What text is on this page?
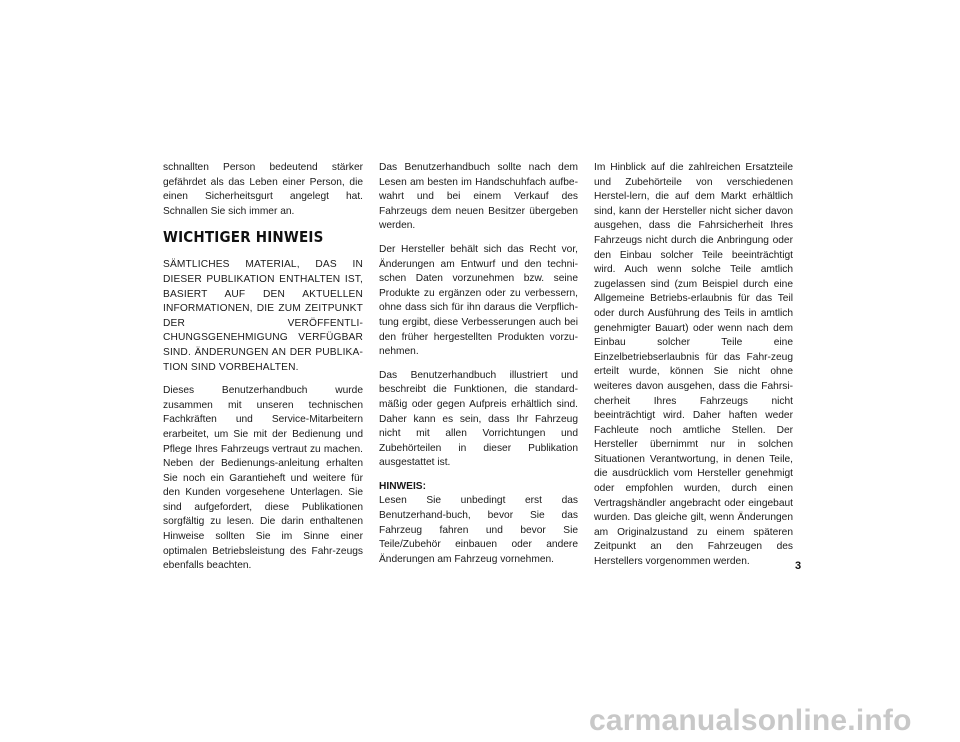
schnallten Person bedeutend stärker gefährdet als das Leben einer Person, die einen Sicherheitsgurt angelegt hat. Schnallen Sie sich immer an.

WICHTIGER HINWEIS

SÄMTLICHES MATERIAL, DAS IN DIESER PUBLIKATION ENTHALTEN IST, BASIERT AUF DEN AKTUELLEN INFORMATIONEN, DIE ZUM ZEITPUNKT DER VERÖFFENTLI-CHUNGSGENEHMIGUNG VERFÜGBAR SIND. ÄNDERUNGEN AN DER PUBLIKA-TION SIND VORBEHALTEN.

Dieses Benutzerhandbuch wurde zusammen mit unseren technischen Fachkräften und Service-Mitarbeitern erarbeitet, um Sie mit der Bedienung und Pflege Ihres Fahrzeugs vertraut zu machen. Neben der Bedienungs-anleitung erhalten Sie noch ein Garantieheft und weitere für den Kunden vorgesehene Unterlagen. Sie sind aufgefordert, diese Publikationen sorgfältig zu lesen. Die darin enthaltenen Hinweise sollten Sie im Sinne einer optimalen Betriebsleistung des Fahr-zeugs ebenfalls beachten.

Das Benutzerhandbuch sollte nach dem Lesen am besten im Handschuhfach aufbe-wahrt und bei einem Verkauf des Fahrzeugs dem neuen Besitzer übergeben werden.

Der Hersteller behält sich das Recht vor, Änderungen am Entwurf und den techni-schen Daten vorzunehmen bzw. seine Produkte zu ergänzen oder zu verbessern, ohne dass sich für ihn daraus die Verpflich-tung ergibt, diese Verbesserungen auch bei den früher hergestellten Produkten vorzu-nehmen.

Das Benutzerhandbuch illustriert und beschreibt die Funktionen, die standard-mäßig oder gegen Aufpreis erhältlich sind. Daher kann es sein, dass Ihr Fahrzeug nicht mit allen Vorrichtungen und Zubehörteilen in dieser Publikation ausgestattet ist.

HINWEIS:

Lesen Sie unbedingt erst das Benutzerhand-buch, bevor Sie das Fahrzeug fahren und bevor Sie Teile/Zubehör einbauen oder andere Änderungen am Fahrzeug vornehmen.

Im Hinblick auf die zahlreichen Ersatzteile und Zubehörteile von verschiedenen Herstel-lern, die auf dem Markt erhältlich sind, kann der Hersteller nicht sicher davon ausgehen, dass die Fahrsicherheit Ihres Fahrzeugs nicht durch die Anbringung oder den Einbau solcher Teile beeinträchtigt wird. Auch wenn solche Teile amtlich zugelassen sind (zum Beispiel durch eine Allgemeine Betriebs-erlaubnis für das Teil oder durch Ausführung des Teils in amtlich genehmigter Bauart) oder wenn nach dem Einbau solcher Teile eine Einzelbetriebserlaubnis für das Fahr-zeug erteilt wurde, können Sie nicht ohne weiteres davon ausgehen, dass die Fahrsi-cherheit Ihres Fahrzeugs nicht beeinträchtigt wird. Daher haften weder Fachleute noch amtliche Stellen. Der Hersteller übernimmt nur in solchen Situationen Verantwortung, in denen Teile, die ausdrücklich vom Hersteller genehmigt oder empfohlen wurden, durch einen Vertragshändler angebracht oder eingebaut wurden. Das gleiche gilt, wenn Änderungen am Originalzustand zu einem späteren Zeitpunkt an den Fahrzeugen des Herstellers vorgenommen werden.	3
carmanualsonline.info
